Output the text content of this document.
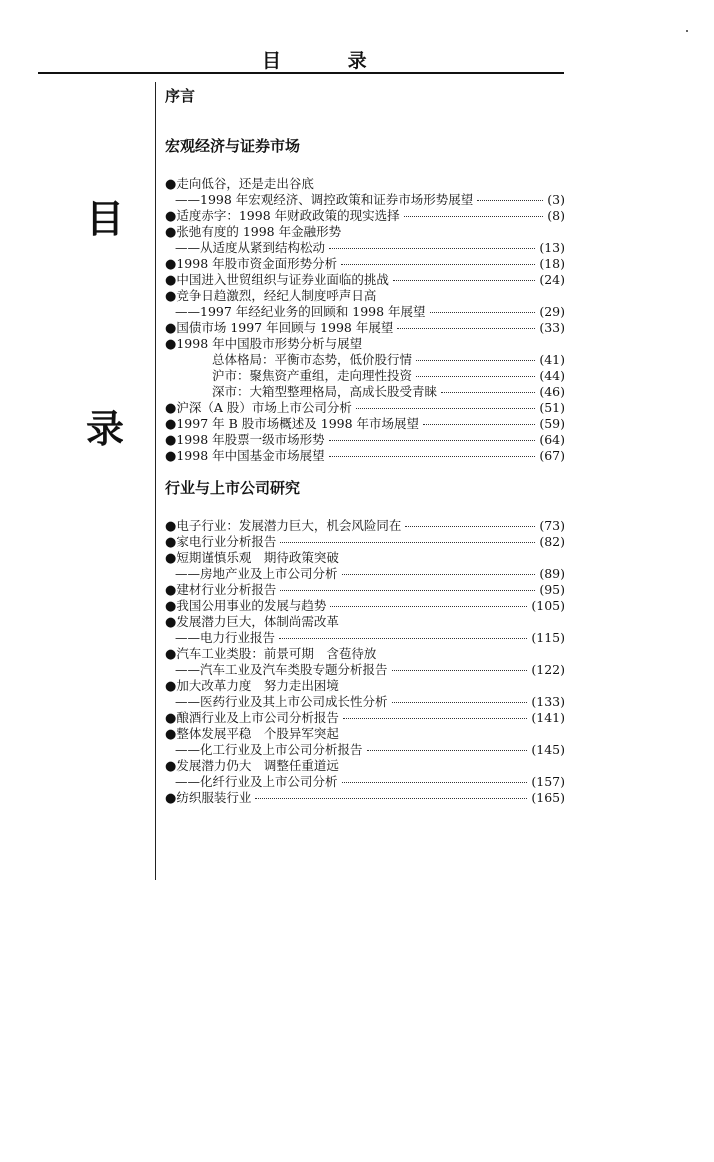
目 录
目
录
序言
宏观经济与证券市场
● 走向低谷，还是走出谷底
——1998 年宏观经济、调控政策和证券市场形势展望	(3)
● 适度赤字：1998 年财政政策的现实选择	(8)
● 张弛有度的 1998 年金融形势
——从适度从紧到结构松动	(13)
● 1998 年股市资金面形势分析	(18)
● 中国进入世贸组织与证券业面临的挑战	(24)
● 竞争日趋激烈，经纪人制度呼声日高
——1997 年经纪业务的回顾和 1998 年展望	(29)
● 国债市场 1997 年回顾与 1998 年展望	(33)
● 1998 年中国股市形势分析与展望
总体格局：平衡市态势，低价股行情	(41)
沪市：聚焦资产重组，走向理性投资	(44)
深市：大箱型整理格局，高成长股受青睐	(46)
● 沪深（A 股）市场上市公司分析	(51)
● 1997 年 B 股市场概述及 1998 年市场展望	(59)
● 1998 年股票一级市场形势	(64)
● 1998 年中国基金市场展望	(67)
行业与上市公司研究
● 电子行业：发展潜力巨大，机会风险同在	(73)
● 家电行业分析报告	(82)
● 短期谨慎乐观　期待政策突破
——房地产业及上市公司分析	(89)
● 建材行业分析报告	(95)
● 我国公用事业的发展与趋势	(105)
● 发展潜力巨大，体制尚需改革
——电力行业报告	(115)
● 汽车工业类股：前景可期　含苞待放
——汽车工业及汽车类股专题分析报告	(122)
● 加大改革力度　努力走出困境
——医药行业及其上市公司成长性分析	(133)
● 酿酒行业及上市公司分析报告	(141)
● 整体发展平稳　个股异军突起
——化工行业及上市公司分析报告	(145)
● 发展潜力仍大　调整任重道远
——化纤行业及上市公司分析	(157)
● 纺织服装行业	(165)
